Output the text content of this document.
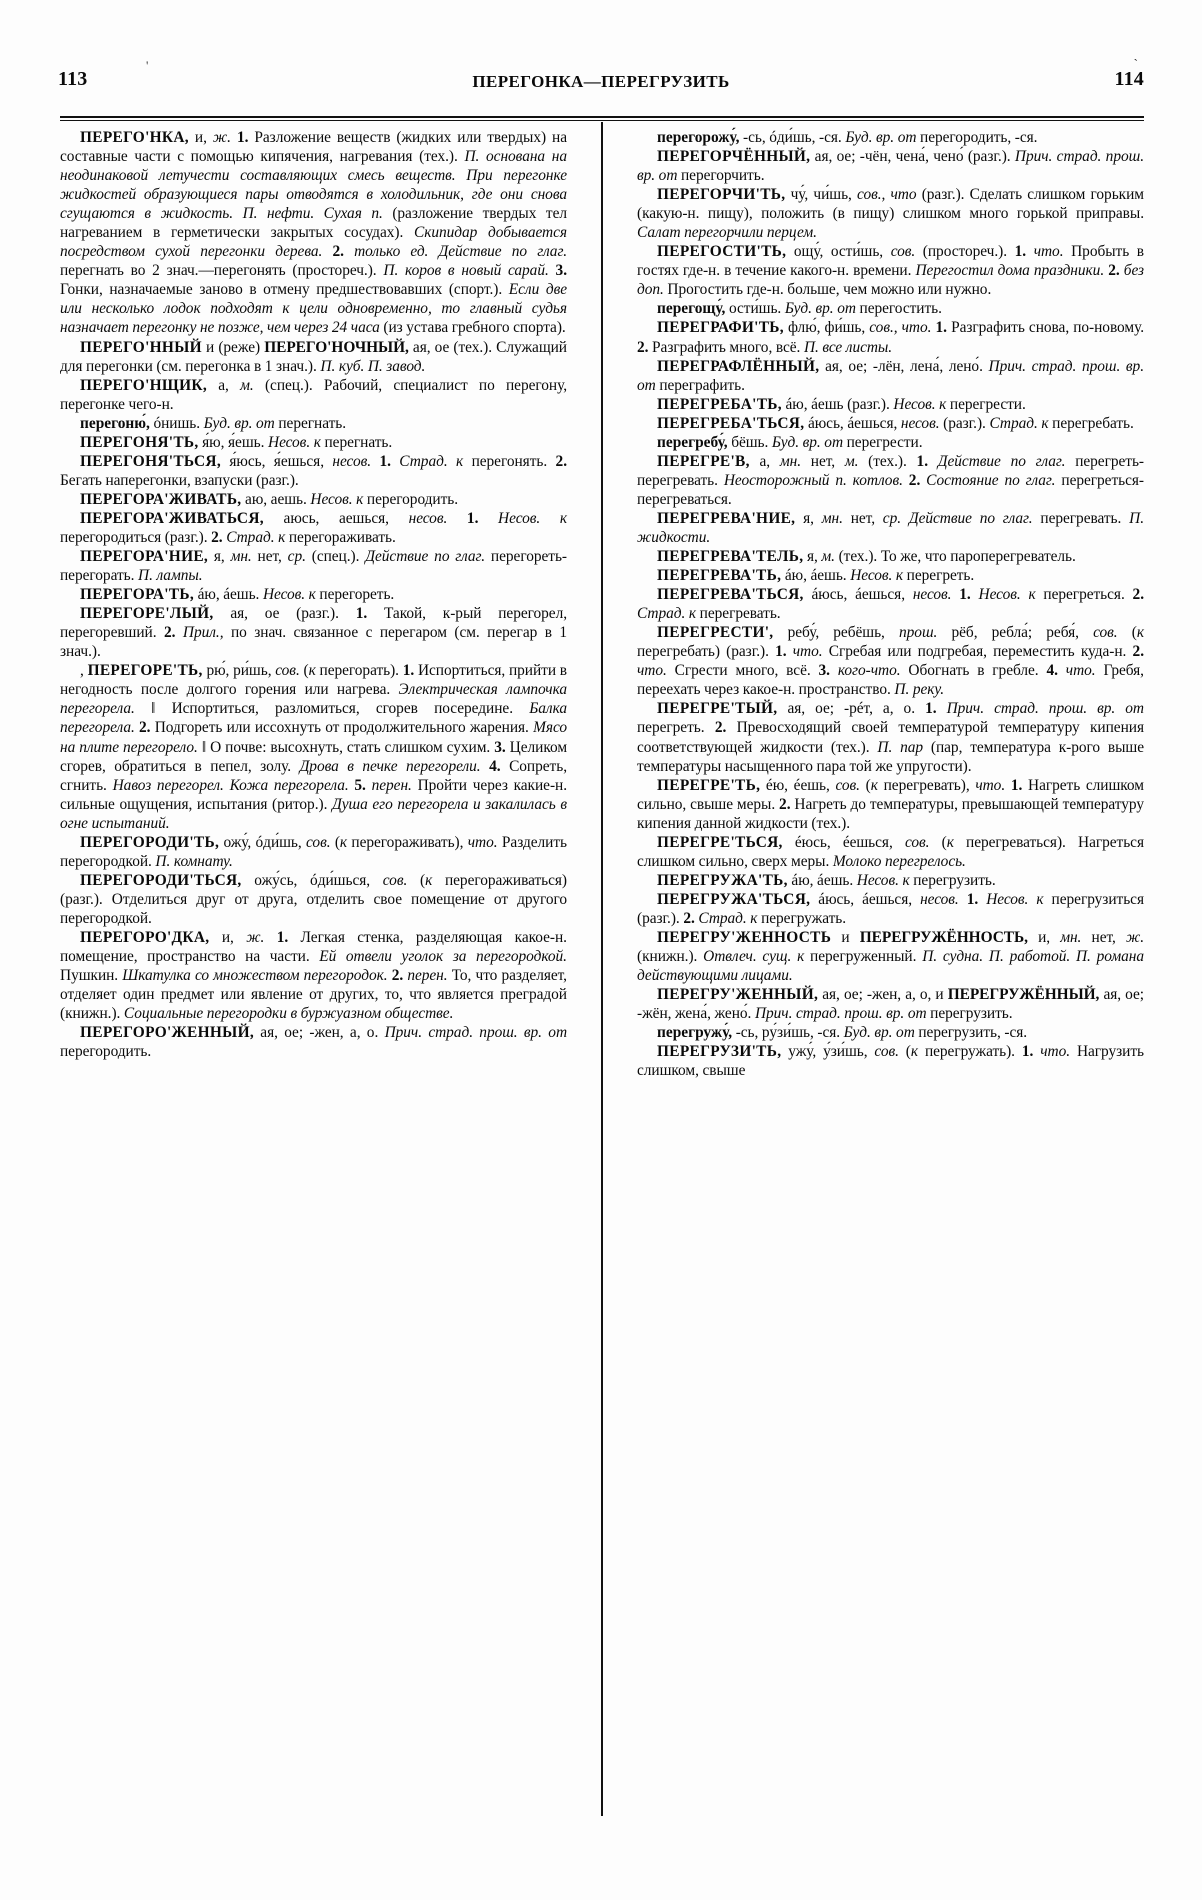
113
'
ПЕРЕГОНКА—ПЕРЕГРУЗИТЬ	114
`

ПЕРЕГО'НКА, и, ж. 1. Разложение веществ (жидких или твердых) на составные части с помощью кипячения, нагревания (тех.). П. основана на неодинаковой летучести составляющих смесь веществ. При перегонке жидкостей образующиеся пары отводятся в холодильник, где они снова сгущаются в жидкость. П. нефти. Сухая п. (разложение твердых тел нагреванием в герметически закрытых сосудах). Скипидар добывается посредством сухой перегонки дерева. 2. только ед. Действие по глаг. перегнать во 2 знач.—перегонять (простореч.). П. коров в новый сарай. 3. Гонки, назначаемые заново в отмену предшествовавших (спорт.). Если две или несколько лодок подходят к цели одновременно, то главный судья назначает перегонку не позже, чем через 24 часа (из устава гребного спорта).

ПЕРЕГО'ННЫЙ и (реже) ПЕРЕГО'НОЧНЫЙ, ая, ое (тех.). Служащий для перегонки (см. перегонка в 1 знач.). П. куб. П. завод.

ПЕРЕГО'НЩИК, а, м. (спец.). Рабочий, специалист по перегону, перегонке чего-н.

перегоню́, óнишь. Буд. вр. от перегнать.

ПЕРЕГОНЯ'ТЬ, я́ю, я́ешь. Несов. к перегнать.

ПЕРЕГОНЯ'ТЬСЯ, я́юсь, я́ешься, несов. 1. Страд. к перегонять. 2. Бегать наперегонки, взапуски (разг.).

ПЕРЕГОРА'ЖИВАТЬ, аю, аешь. Несов. к перегородить.

ПЕРЕГОРА'ЖИВАТЬСЯ, аюсь, аешься, несов. 1. Несов. к перегородиться (разг.). 2. Страд. к перегораживать.

ПЕРЕГОРА'НИЕ, я, мн. нет, ср. (спец.). Действие по глаг. перегореть-перегорать. П. лампы.

ПЕРЕГОРА'ТЬ, áю, áешь. Несов. к перегореть.

ПЕРЕГОРЕ'ЛЫЙ, ая, ое (разг.). 1. Такой, к-рый перегорел, перегоревший. 2. Прил., по знач. связанное с перегаром (см. перегар в 1 знач.).

, ПЕРЕГОРЕ'ТЬ, рю́, ри́шь, сов. (к перегорать). 1. Испортиться, прийти в негодность после долгого горения или нагрева. Электрическая лампочка перегорела. ‖ Испортиться, разломиться, сгорев посередине. Балка перегорела. 2. Подгореть или иссохнуть от продолжительного жарения. Мясо на плите перегорело. ‖ О почве: высохнуть, стать слишком сухим. 3. Целиком сгорев, обратиться в пепел, золу. Дрова в печке перегорели. 4. Сопреть, сгнить. Навоз перегорел. Кожа перегорела. 5. перен. Пройти через какие-н. сильные ощущения, испытания (ритор.). Душа его перегорела и закалилась в огне испытаний.

ПЕРЕГОРОДИ'ТЬ, ожу́, óди́шь, сов. (к перегораживать), что. Разделить перегородкой. П. комнату.

ПЕРЕГОРОДИ'ТЬСЯ, ожу́сь, óди́шься, сов. (к перегораживаться) (разг.). Отделиться друг от друга, отделить свое помещение от другого перегородкой.

ПЕРЕГОРО'ДКА, и, ж. 1. Легкая стенка, разделяющая какое-н. помещение, пространство на части. Ей отвели уголок за перегородкой. Пушкин. Шкатулка со множеством перегородок. 2. перен. То, что разделяет, отделяет один предмет или явление от других, то, что является преградой (книжн.). Социальные перегородки в буржуазном обществе.

ПЕРЕГОРО'ЖЕННЫЙ, ая, ое; -жен, а, о. Прич. страд. прош. вр. от перегородить.

перегорожу́, -сь, óди́шь, -ся. Буд. вр. от перегородить, -ся.

ПЕРЕГОРЧЁННЫЙ, ая, ое; -чён, чена́, чено́ (разг.). Прич. страд. прош. вр. от перегорчить.

ПЕРЕГОРЧИ'ТЬ, чу́, чи́шь, сов., что (разг.). Сделать слишком горьким (какую-н. пищу), положить (в пищу) слишком много горькой приправы. Салат перегорчили перцем.

ПЕРЕГОСТИ'ТЬ, ощу́, ости́шь, сов. (простореч.). 1. что. Пробыть в гостях где-н. в течение какого-н. времени. Перегостил дома праздники. 2. без доп. Прогостить где-н. больше, чем можно или нужно.

перегощу́, ости́шь. Буд. вр. от перегостить.

ПЕРЕГРАФИ'ТЬ, флю́, фи́шь, сов., что. 1. Разграфить снова, по-новому. 2. Разграфить много, всё. П. все листы.

ПЕРЕГРАФЛЁННЫЙ, ая, ое; -лён, лена́, лено́. Прич. страд. прош. вр. от переграфить.

ПЕРЕГРЕБА'ТЬ, áю, áешь (разг.). Несов. к перегрести.

ПЕРЕГРЕБА'ТЬСЯ, áюсь, áешься, несов. (разг.). Страд. к перегребать.

перегребу́, бёшь. Буд. вр. от перегрести.

ПЕРЕГРЕ'В, а, мн. нет, м. (тех.). 1. Действие по глаг. перегреть-перегревать. Неосторожный п. котлов. 2. Состояние по глаг. перегреться-перегреваться.

ПЕРЕГРЕВА'НИЕ, я, мн. нет, ср. Действие по глаг. перегревать. П. жидкости.

ПЕРЕГРЕВА'ТЕЛЬ, я, м. (тех.). То же, что пароперегреватель.

ПЕРЕГРЕВА'ТЬ, áю, áешь. Несов. к перегреть.

ПЕРЕГРЕВА'ТЬСЯ, áюсь, áешься, несов. 1. Несов. к перегреться. 2. Страд. к перегревать.

ПЕРЕГРЕСТИ', ребу́, ребёшь, прош. рёб, ребла́; ребя́, сов. (к перегребать) (разг.). 1. что. Сгребая или подгребая, переместить куда-н. 2. что. Сгрести много, всё. 3. кого-что. Обогнать в гребле. 4. что. Гребя, переехать через какое-н. пространство. П. реку.

ПЕРЕГРЕ'ТЫЙ, ая, ое; -рéт, а, о. 1. Прич. страд. прош. вр. от перегреть. 2. Превосходящий своей температурой температуру кипения соответствующей жидкости (тех.). П. пар (пар, температура к-рого выше температуры насыщенного пара той же упругости).

ПЕРЕГРЕ'ТЬ, éю, éешь, сов. (к перегревать), что. 1. Нагреть слишком сильно, свыше меры. 2. Нагреть до температуры, превышающей температуру кипения данной жидкости (тех.).

ПЕРЕГРЕ'ТЬСЯ, éюсь, éешься, сов. (к перегреваться). Нагреться слишком сильно, сверх меры. Молоко перегрелось.

ПЕРЕГРУЖА'ТЬ, áю, áешь. Несов. к перегрузить.

ПЕРЕГРУЖА'ТЬСЯ, áюсь, áешься, несов. 1. Несов. к перегрузиться (разг.). 2. Страд. к перегружать.

ПЕРЕГРУ'ЖЕННОСТЬ и ПЕРЕГРУЖЁННОСТЬ, и, мн. нет, ж. (книжн.). Отвлеч. сущ. к перегруженный. П. судна. П. работой. П. романа действующими лицами.

ПЕРЕГРУ'ЖЕННЫЙ, ая, ое; -жен, а, о, и ПЕРЕГРУЖЁННЫЙ, ая, ое; -жён, жена́, жено́. Прич. страд. прош. вр. от перегрузить.

перегружу́, -сь, ру́зи́шь, -ся. Буд. вр. от перегрузить, -ся.

ПЕРЕГРУЗИ'ТЬ, ужу́, у́зи́шь, сов. (к перегружать). 1. что. Нагрузить слишком, свыше
